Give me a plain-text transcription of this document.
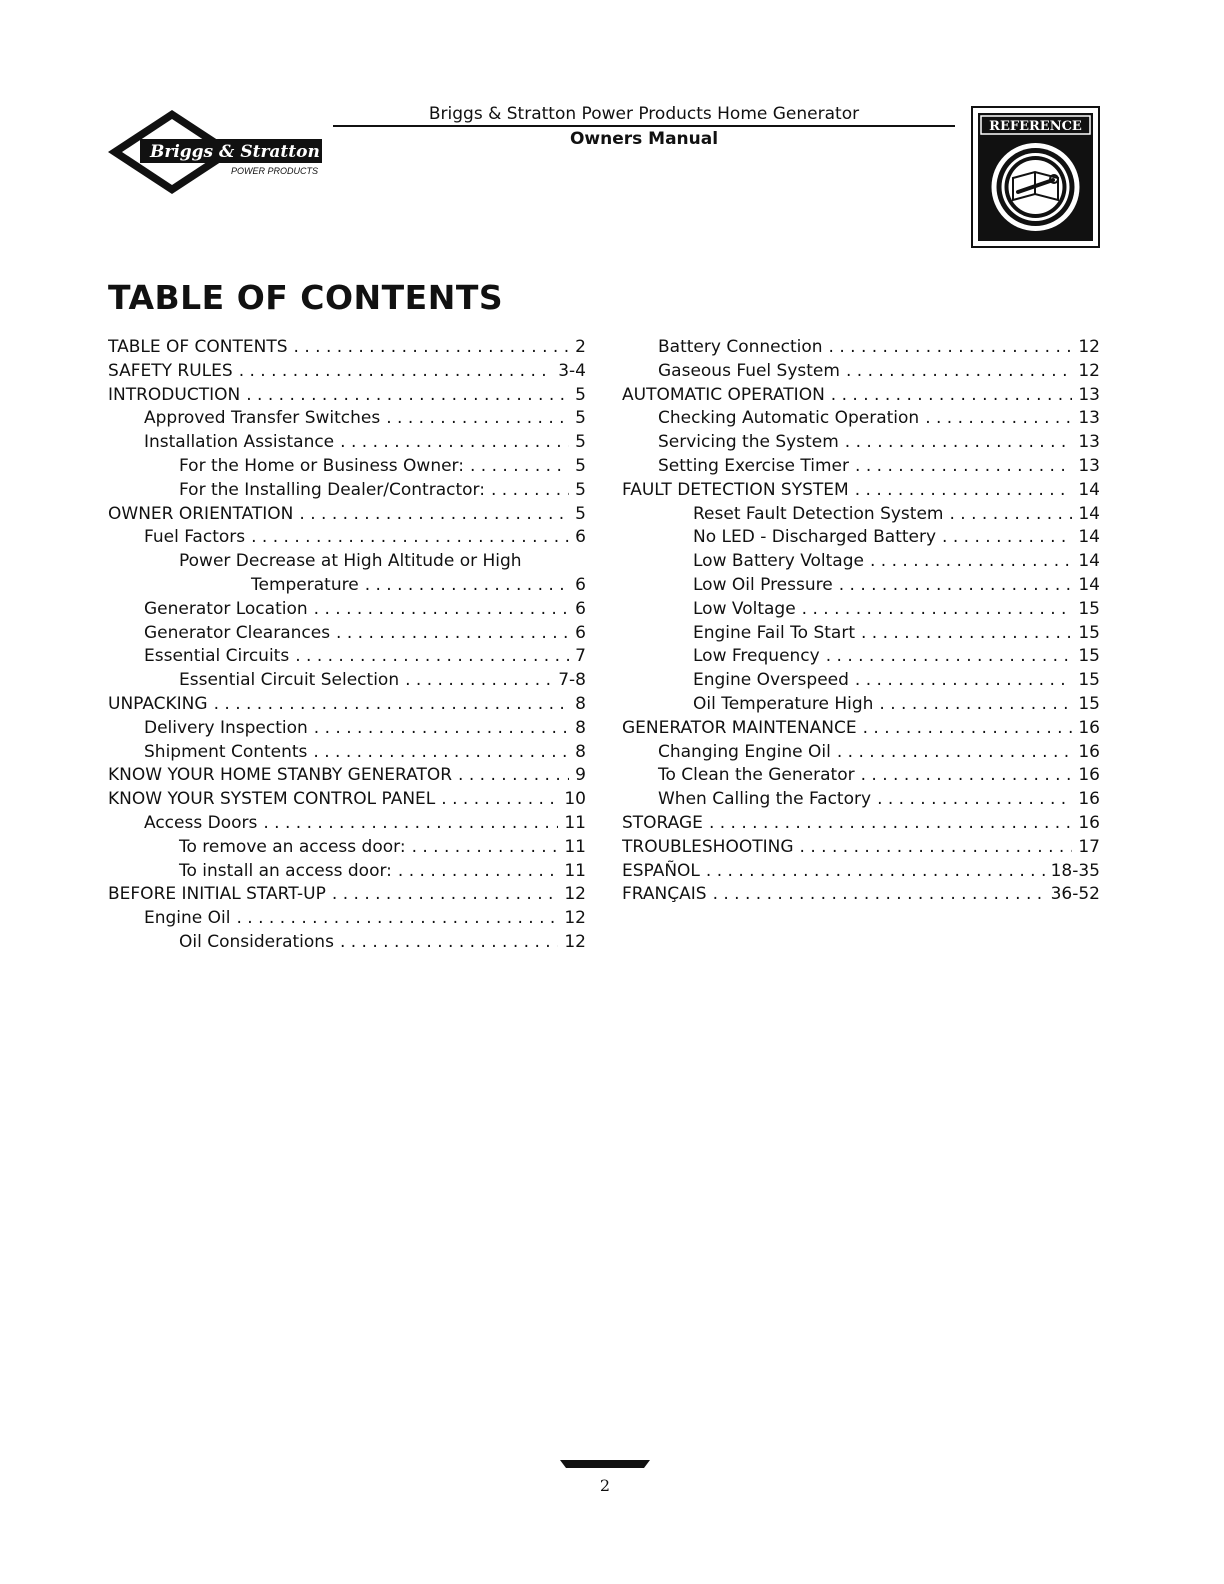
Briggs & Stratton
POWER PRODUCTS
Briggs & Stratton Power Products Home Generator
Owners Manual
REFERENCE
TABLE OF CONTENTS
TABLE OF CONTENTS . . .	2
SAFETY RULES . . .	3-4
INTRODUCTION . . .	5
Approved Transfer Switches . . .	5
Installation Assistance . . .	5
For the Home or Business Owner: . . .	5
For the Installing Dealer/Contractor: . . .	5
OWNER ORIENTATION . . .	5
Fuel Factors . . .	6
Power Decrease at High Altitude or High
Temperature . . .	6
Generator Location . . .	6
Generator Clearances . . .	6
Essential Circuits . . .	7
Essential Circuit Selection . . .	7-8
UNPACKING . . .	8
Delivery Inspection . . .	8
Shipment Contents . . .	8
KNOW YOUR HOME STANBY GENERATOR . . .	9
KNOW YOUR SYSTEM CONTROL PANEL . . .	10
Access Doors . . .	11
To remove an access door: . . .	11
To install an access door: . . .	11
BEFORE INITIAL START-UP . . .	12
Engine Oil . . .	12
Oil Considerations . . .	12
Battery Connection . . .	12
Gaseous Fuel System . . .	12
AUTOMATIC OPERATION . . .	13
Checking Automatic Operation . . .	13
Servicing the System . . .	13
Setting Exercise Timer . . .	13
FAULT DETECTION SYSTEM . . .	14
Reset Fault Detection System . . .	14
No LED - Discharged Battery . . .	14
Low Battery Voltage . . .	14
Low Oil Pressure . . .	14
Low Voltage . . .	15
Engine Fail To Start . . .	15
Low Frequency . . .	15
Engine Overspeed . . .	15
Oil Temperature High . . .	15
GENERATOR MAINTENANCE . . .	16
Changing Engine Oil . . .	16
To Clean the Generator . . .	16
When Calling the Factory . . .	16
STORAGE . . .	16
TROUBLESHOOTING . . .	17
ESPAÑOL . . .	18-35
FRANÇAIS . . .	36-52
2
